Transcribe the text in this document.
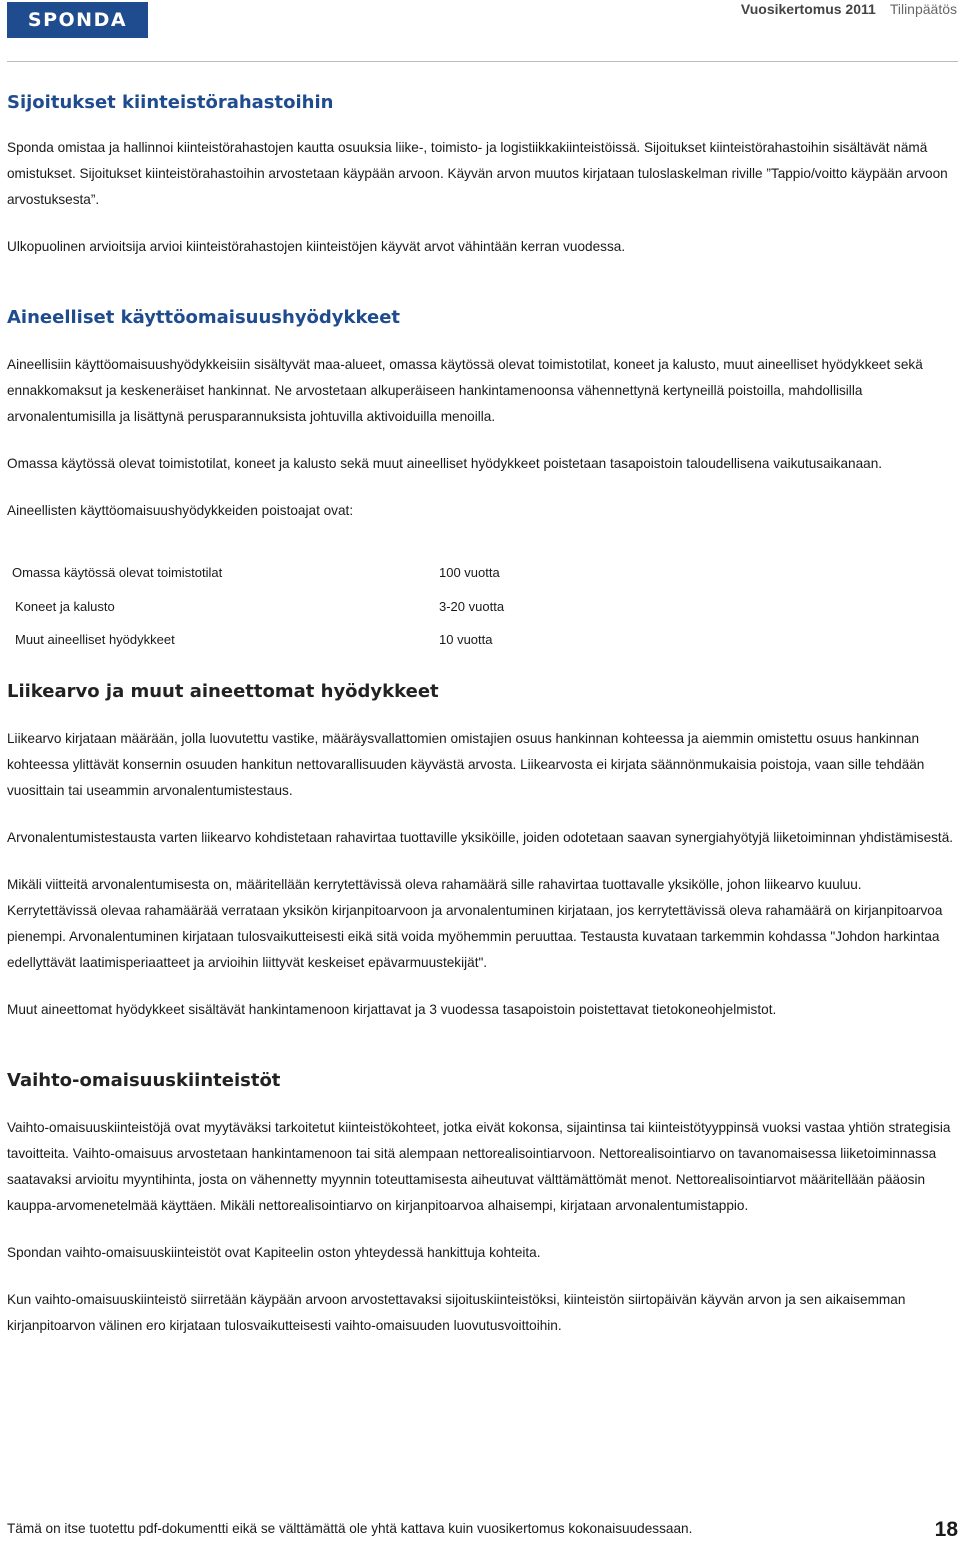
SPONDA	Vuosikertomus 2011 Tilinpäätös
Sijoitukset kiinteistörahastoihin

Sponda omistaa ja hallinnoi kiinteistörahastojen kautta osuuksia liike-, toimisto- ja logistiikkakiinteistöissä. Sijoitukset kiinteistörahastoihin sisältävät nämä omistukset. Sijoitukset kiinteistörahastoihin arvostetaan käypään arvoon. Käyvän arvon muutos kirjataan tuloslaskelman riville ”Tappio/voitto käypään arvoon arvostuksesta”.

Ulkopuolinen arvioitsija arvioi kiinteistörahastojen kiinteistöjen käyvät arvot vähintään kerran vuodessa.

Aineelliset käyttöomaisuushyödykkeet

Aineellisiin käyttöomaisuushyödykkeisiin sisältyvät maa-alueet, omassa käytössä olevat toimistotilat, koneet ja kalusto, muut aineelliset hyödykkeet sekä ennakkomaksut ja keskeneräiset hankinnat. Ne arvostetaan alkuperäiseen hankintamenoonsa vähennettynä kertyneillä poistoilla, mahdollisilla arvonalentumisilla ja lisättynä perusparannuksista johtuvilla aktivoiduilla menoilla.

Omassa käytössä olevat toimistotilat, koneet ja kalusto sekä muut aineelliset hyödykkeet poistetaan tasapoistoin taloudellisena vaikutusaikanaan.

Aineellisten käyttöomaisuushyödykkeiden poistoajat ovat:

Omassa käytössä olevat toimistotilat	100 vuotta
Koneet ja kalusto	3-20 vuotta
Muut aineelliset hyödykkeet	10 vuotta
Liikearvo ja muut aineettomat hyödykkeet

Liikearvo kirjataan määrään, jolla luovutettu vastike, määräysvallattomien omistajien osuus hankinnan kohteessa ja aiemmin omistettu osuus hankinnan kohteessa ylittävät konsernin osuuden hankitun nettovarallisuuden käyvästä arvosta. Liikearvosta ei kirjata säännönmukaisia poistoja, vaan sille tehdään vuosittain tai useammin arvonalentumistestaus.

Arvonalentumistestausta varten liikearvo kohdistetaan rahavirtaa tuottaville yksiköille, joiden odotetaan saavan synergiahyötyjä liiketoiminnan yhdistämisestä.

Mikäli viitteitä arvonalentumisesta on, määritellään kerrytettävissä oleva rahamäärä sille rahavirtaa tuottavalle yksikölle, johon liikearvo kuuluu. Kerrytettävissä olevaa rahamäärää verrataan yksikön kirjanpitoarvoon ja arvonalentuminen kirjataan, jos kerrytettävissä oleva rahamäärä on kirjanpitoarvoa pienempi. Arvonalentuminen kirjataan tulosvaikutteisesti eikä sitä voida myöhemmin peruuttaa. Testausta kuvataan tarkemmin kohdassa "Johdon harkintaa edellyttävät laatimisperiaatteet ja arvioihin liittyvät keskeiset epävarmuustekijät".

Muut aineettomat hyödykkeet sisältävät hankintamenoon kirjattavat ja 3 vuodessa tasapoistoin poistettavat tietokoneohjelmistot.

Vaihto-omaisuuskiinteistöt

Vaihto-omaisuuskiinteistöjä ovat myytäväksi tarkoitetut kiinteistökohteet, jotka eivät kokonsa, sijaintinsa tai kiinteistötyyppinsä vuoksi vastaa yhtiön strategisia tavoitteita. Vaihto-omaisuus arvostetaan hankintamenoon tai sitä alempaan nettorealisointiarvoon. Nettorealisointiarvo on tavanomaisessa liiketoiminnassa saatavaksi arvioitu myyntihinta, josta on vähennetty myynnin toteuttamisesta aiheutuvat välttämättömät menot. Nettorealisointiarvot määritellään pääosin kauppa-arvomenetelmää käyttäen. Mikäli nettorealisointiarvo on kirjanpitoarvoa alhaisempi, kirjataan arvonalentumistappio.

Spondan vaihto-omaisuuskiinteistöt ovat Kapiteelin oston yhteydessä hankittuja kohteita.

Kun vaihto-omaisuuskiinteistö siirretään käypään arvoon arvostettavaksi sijoituskiinteistöksi, kiinteistön siirtopäivän käyvän arvon ja sen aikaisemman kirjanpitoarvon välinen ero kirjataan tulosvaikutteisesti vaihto-omaisuuden luovutusvoittoihin.

Tämä on itse tuotettu pdf-dokumentti eikä se välttämättä ole yhtä kattava kuin vuosikertomus kokonaisuudessaan.	18
